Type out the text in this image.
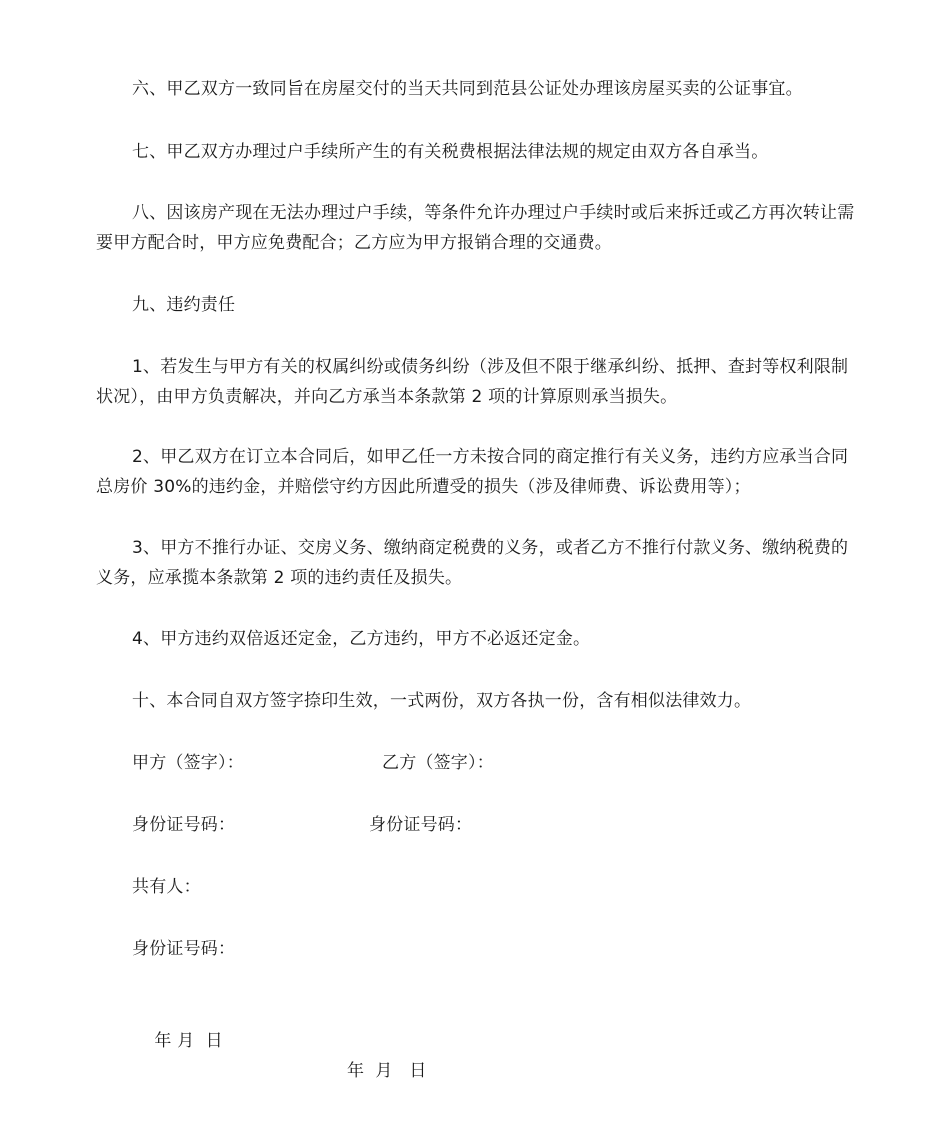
六、甲乙双方一致同旨在房屋交付的当天共同到范县公证处办理该房屋买卖的公证事宜。

七、甲乙双方办理过户手续所产生的有关税费根据法律法规的规定由双方各自承当。

八、因该房产现在无法办理过户手续，等条件允许办理过户手续时或后来拆迁或乙方再次转让需要甲方配合时，甲方应免费配合；乙方应为甲方报销合理的交通费。

九、违约责任

1、若发生与甲方有关的权属纠纷或债务纠纷（涉及但不限于继承纠纷、抵押、查封等权利限制状况），由甲方负责解决，并向乙方承当本条款第 2 项的计算原则承当损失。

2、甲乙双方在订立本合同后，如甲乙任一方未按合同的商定推行有关义务，违约方应承当合同总房价 30%的违约金，并赔偿守约方因此所遭受的损失（涉及律师费、诉讼费用等）；

3、甲方不推行办证、交房义务、缴纳商定税费的义务，或者乙方不推行付款义务、缴纳税费的义务，应承揽本条款第 2 项的违约责任及损失。

4、甲方违约双倍返还定金，乙方违约，甲方不必返还定金。

十、本合同自双方签字捺印生效，一式两份，双方各执一份，含有相似法律效力。

甲方（签字）：	乙方（签字）：
身份证号码：	身份证号码：
共有人：
身份证号码：

年 月  日

年  月   日
